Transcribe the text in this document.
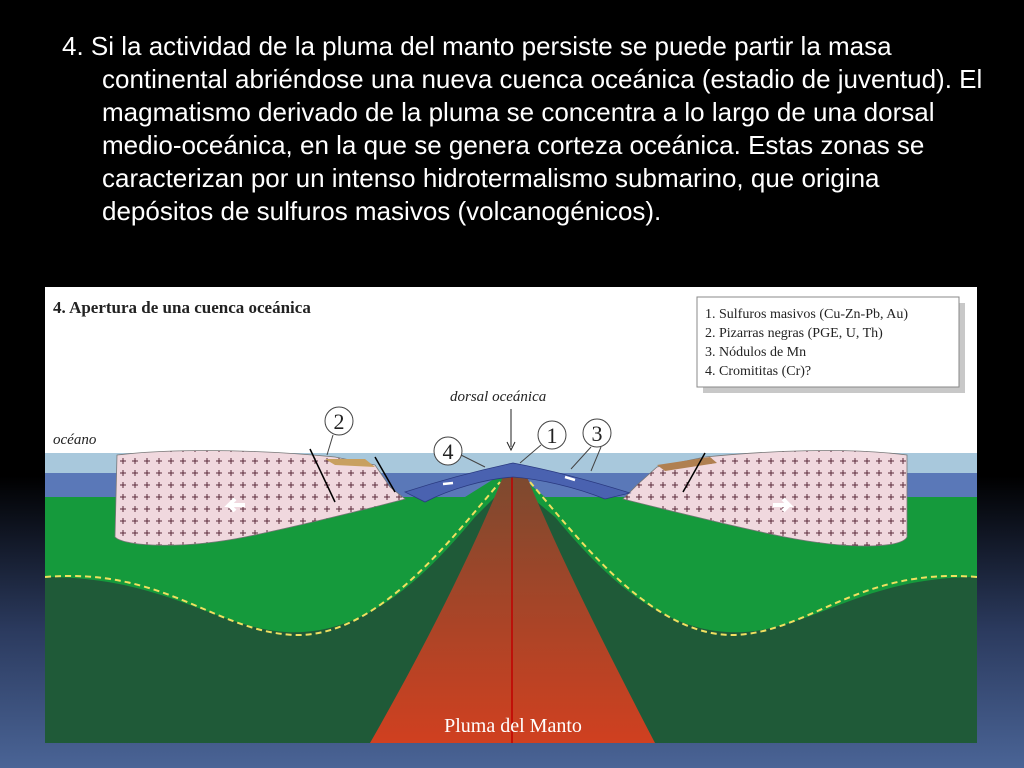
4. Si la actividad de la pluma del manto persiste se puede partir la masa continental abriéndose una nueva cuenca oceánica (estadio de juventud). El magmatismo derivado de la pluma se concentra a lo largo de una dorsal medio-oceánica, en la que se genera corteza oceánica. Estas zonas se caracterizan por un intenso hidrotermalismo submarino, que origina depósitos de sulfuros masivos (volcanogénicos).

4. Apertura de una cuenca oceánica	1. Sulfuros masivos (Cu-Zn-Pb, Au)
2. Pizarras negras (PGE, U, Th)
3. Nódulos de Mn
4. Cromititas (Cr)?
océano
dorsal oceánica
2
4
1 3
Pluma del Manto
